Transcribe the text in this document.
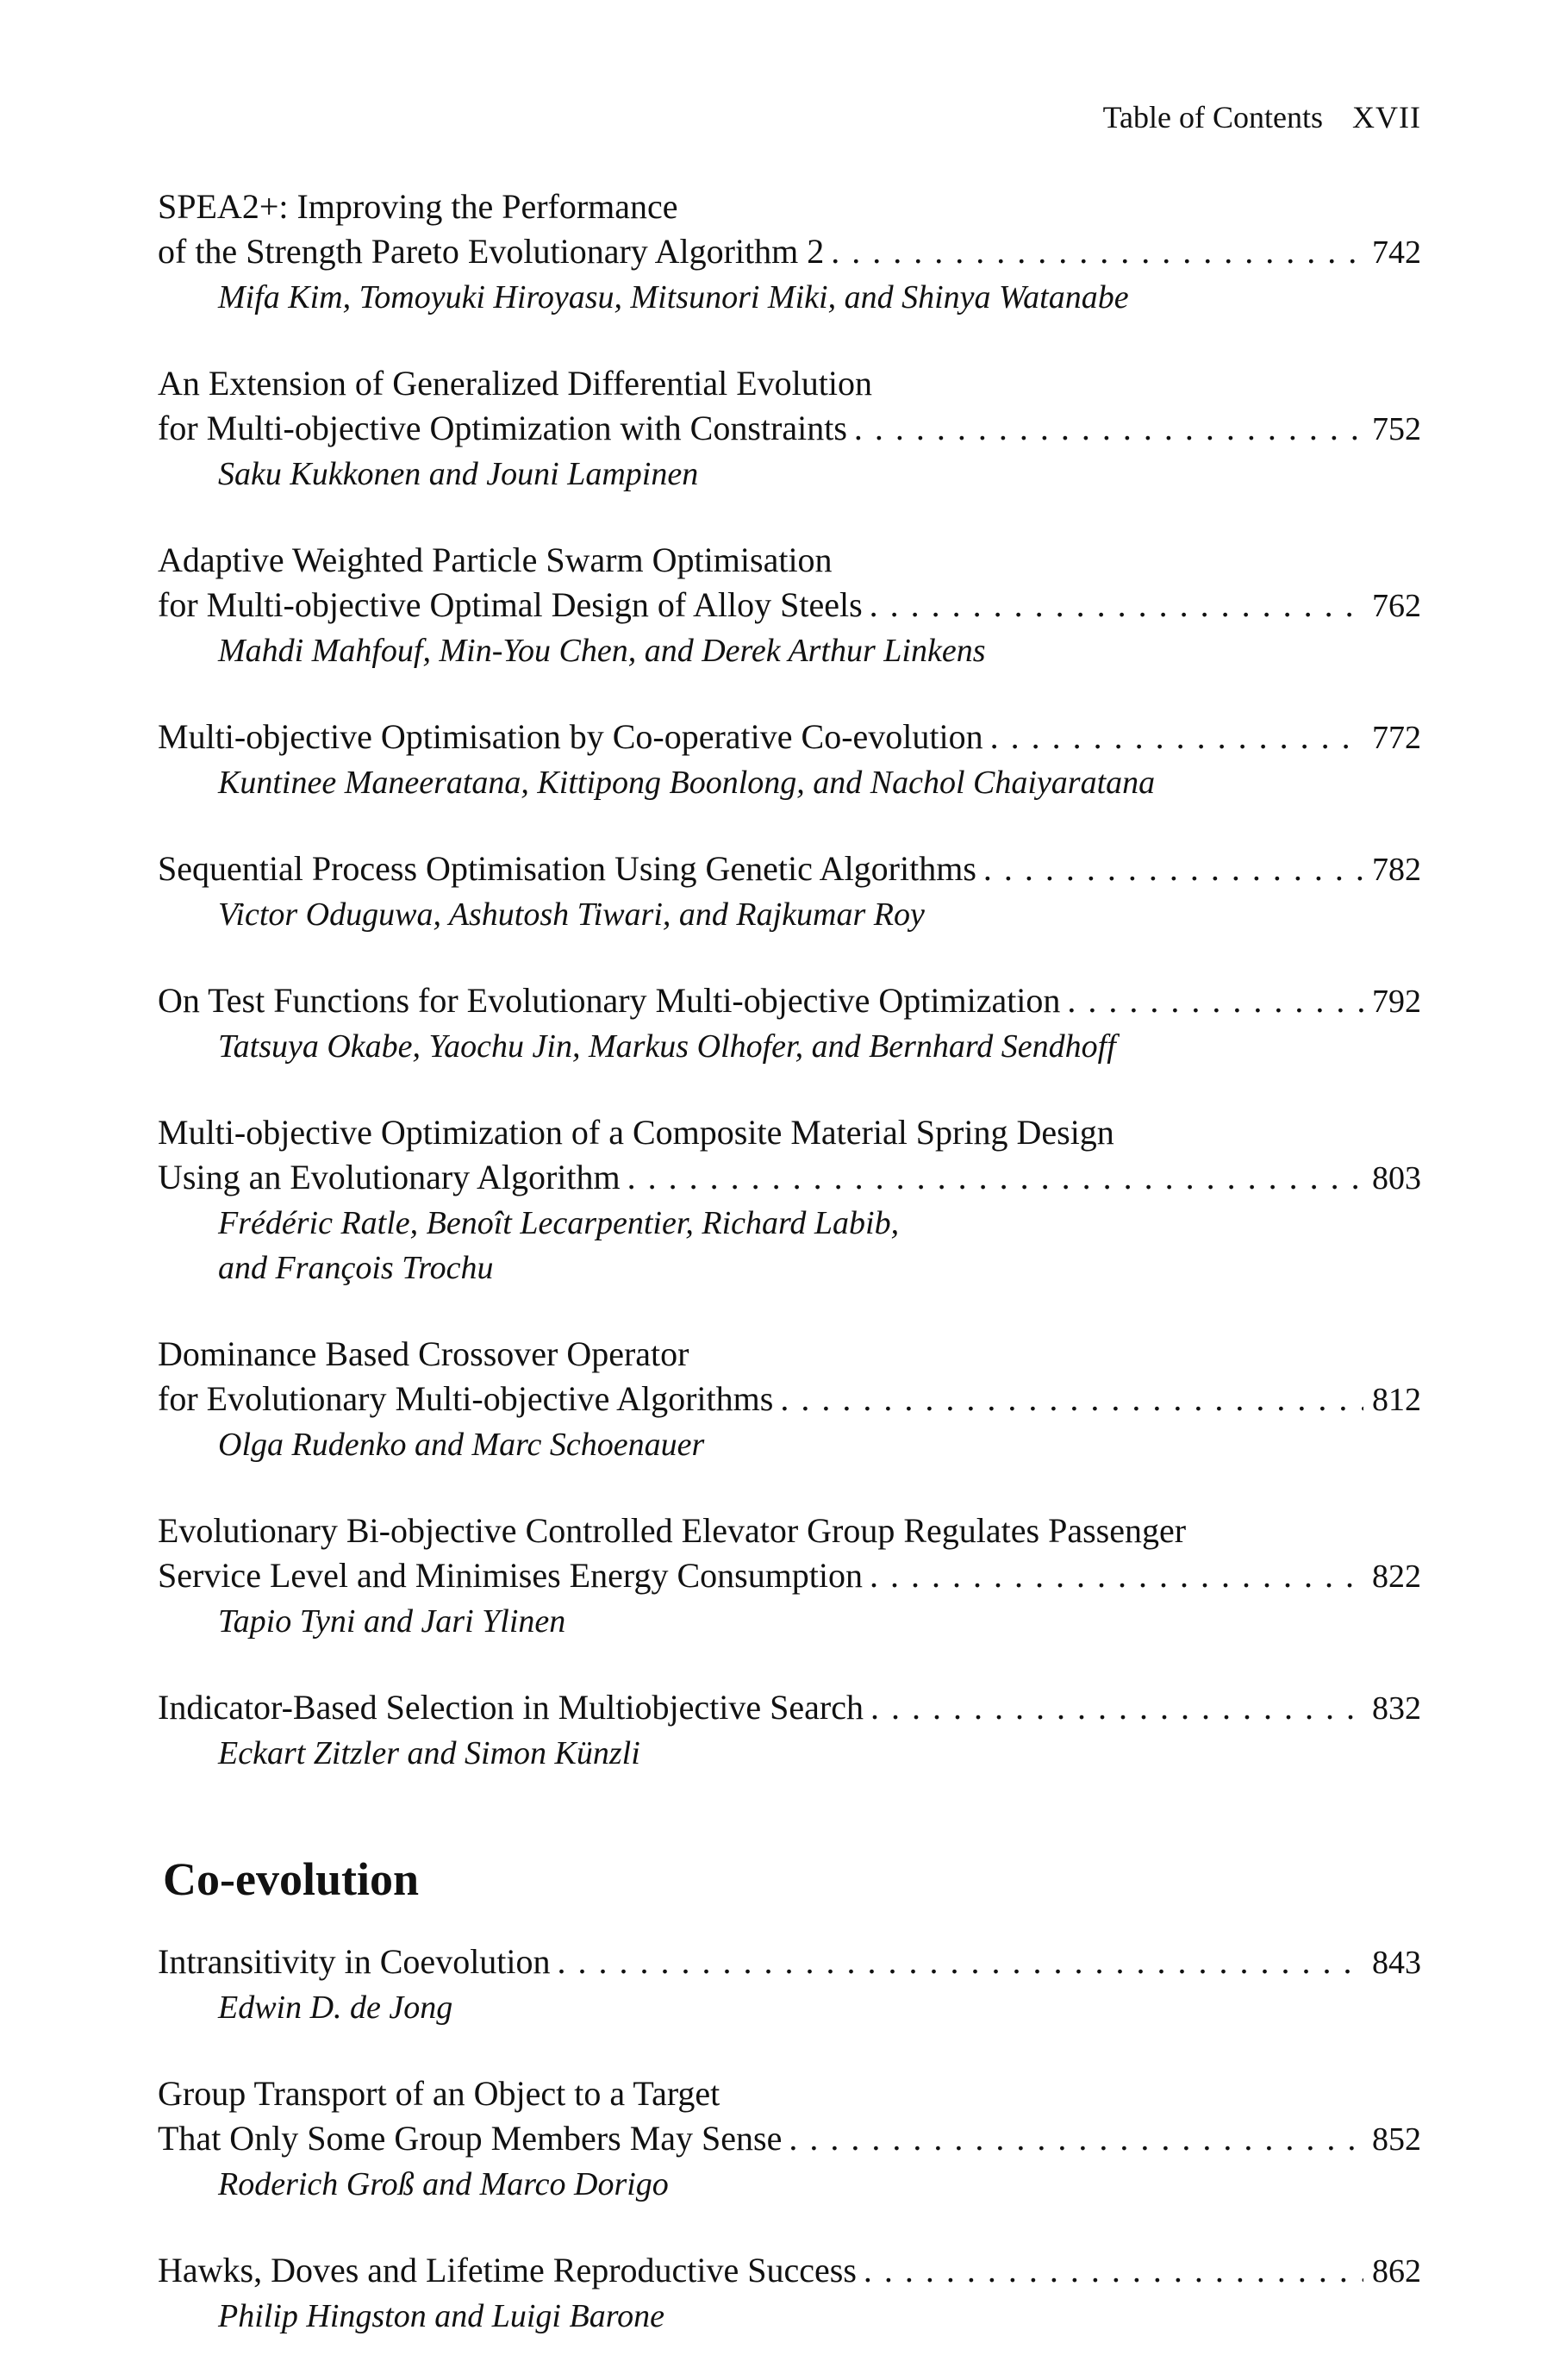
Table of Contents XVII
SPEA2+: Improving the Performance
of the Strength Pareto Evolutionary Algorithm 2 . . .	742
Mifa Kim, Tomoyuki Hiroyasu, Mitsunori Miki, and Shinya Watanabe
An Extension of Generalized Differential Evolution
for Multi-objective Optimization with Constraints . . .	752
Saku Kukkonen and Jouni Lampinen
Adaptive Weighted Particle Swarm Optimisation
for Multi-objective Optimal Design of Alloy Steels . . .	762
Mahdi Mahfouf, Min-You Chen, and Derek Arthur Linkens
Multi-objective Optimisation by Co-operative Co-evolution . . .	772
Kuntinee Maneeratana, Kittipong Boonlong, and Nachol Chaiyaratana
Sequential Process Optimisation Using Genetic Algorithms . . .	782
Victor Oduguwa, Ashutosh Tiwari, and Rajkumar Roy
On Test Functions for Evolutionary Multi-objective Optimization . . .	792
Tatsuya Okabe, Yaochu Jin, Markus Olhofer, and Bernhard Sendhoff
Multi-objective Optimization of a Composite Material Spring Design
Using an Evolutionary Algorithm . . .	803
Frédéric Ratle, Benoît Lecarpentier, Richard Labib,
and François Trochu
Dominance Based Crossover Operator
for Evolutionary Multi-objective Algorithms . . .	812
Olga Rudenko and Marc Schoenauer
Evolutionary Bi-objective Controlled Elevator Group Regulates Passenger
Service Level and Minimises Energy Consumption . . .	822
Tapio Tyni and Jari Ylinen
Indicator-Based Selection in Multiobjective Search . . .	832
Eckart Zitzler and Simon Künzli
Co-evolution
Intransitivity in Coevolution . . .	843
Edwin D. de Jong
Group Transport of an Object to a Target
That Only Some Group Members May Sense . . .	852
Roderich Groß and Marco Dorigo
Hawks, Doves and Lifetime Reproductive Success . . .	862
Philip Hingston and Luigi Barone
